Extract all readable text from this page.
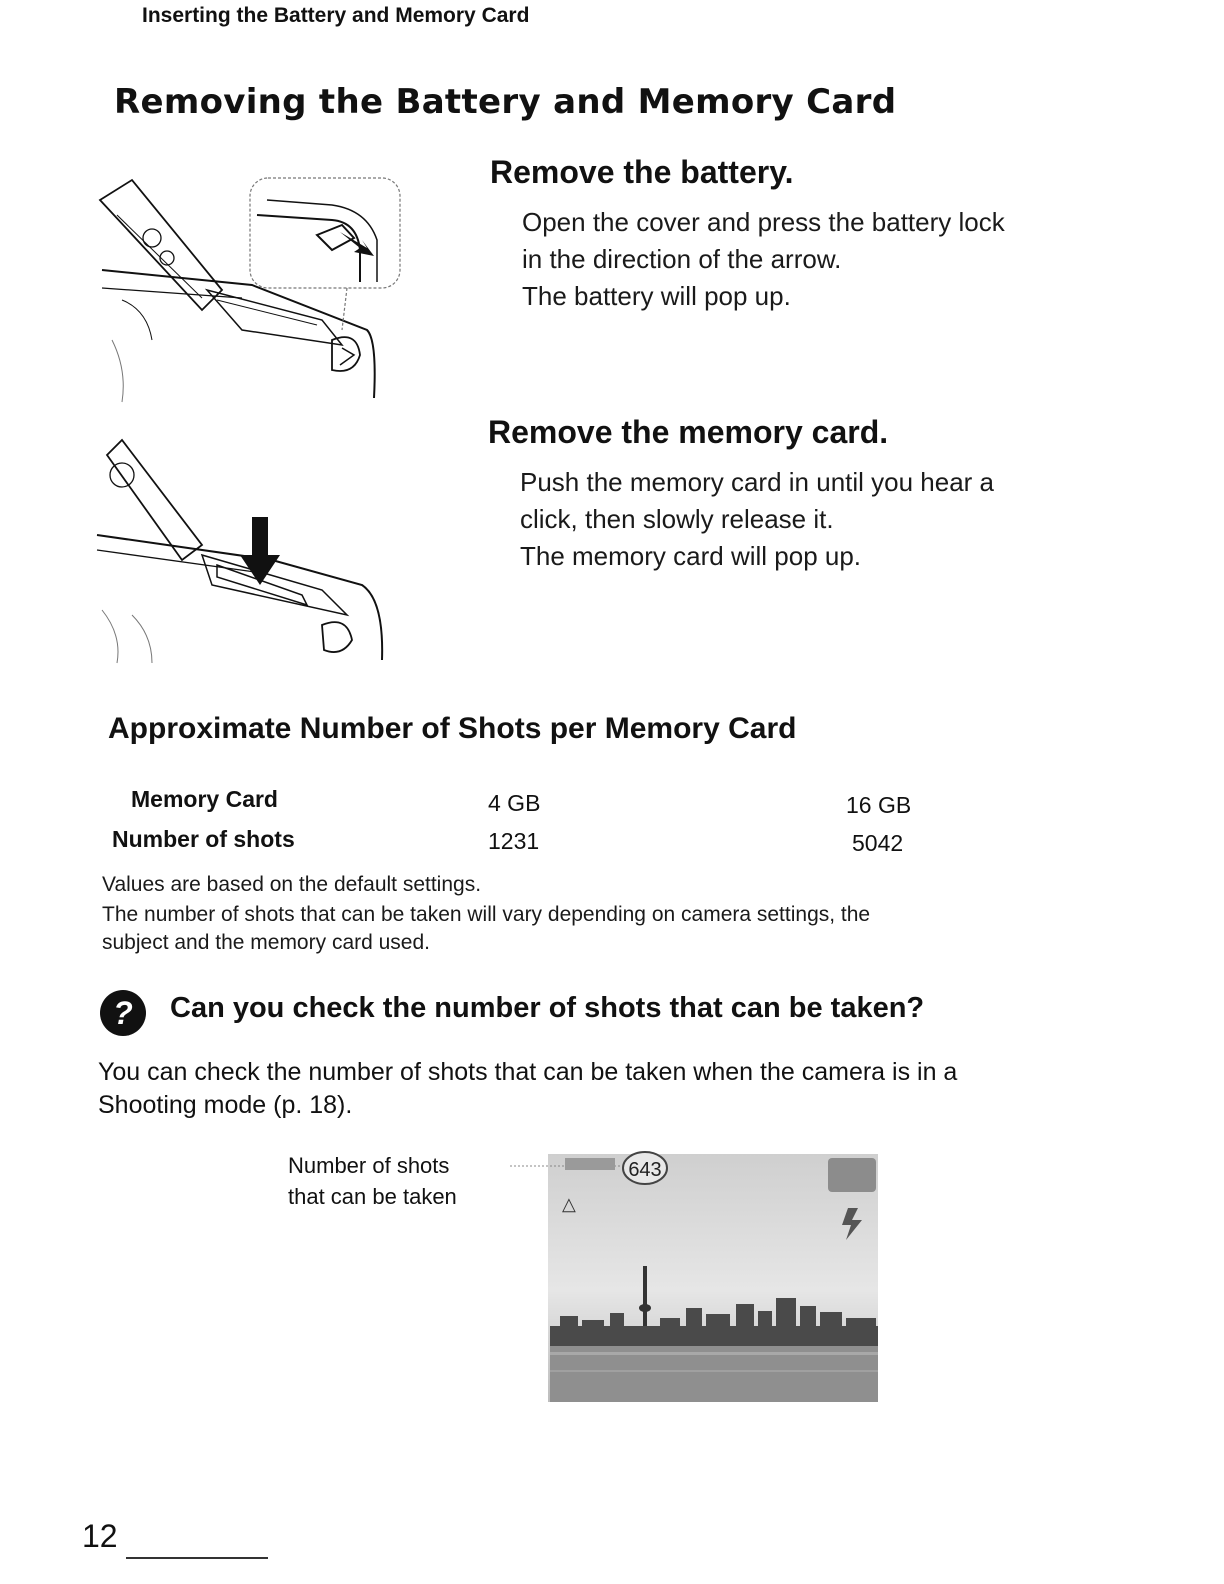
Inserting the Battery and Memory Card
Removing the Battery and Memory Card
Remove the battery.
Open the cover and press the battery lock
in the direction of the arrow.
The battery will pop up.
Remove the memory card.
Push the memory card in until you hear a
click, then slowly release it.
The memory card will pop up.
Approximate Number of Shots per Memory Card
Memory Card
Number of shots
4 GB	16 GB
1231	5042
Values are based on the default settings.
The number of shots that can be taken will vary depending on camera settings, the
subject and the memory card used.
? Can you check the number of shots that can be taken?
You can check the number of shots that can be taken when the camera is in a
Shooting mode (p. 18).
Number of shots
that can be taken
643
△
12
